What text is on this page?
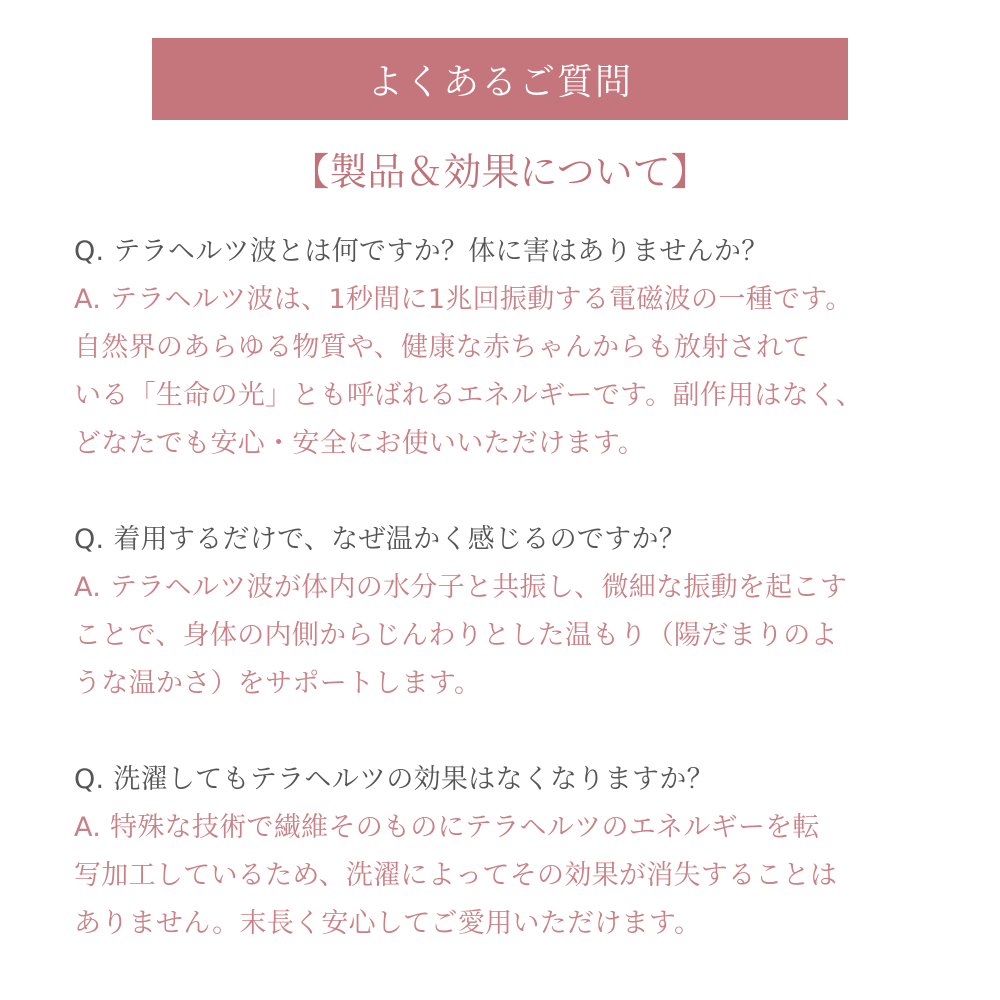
よくあるご質問
【製品＆効果について】
Q. テラヘルツ波とは何ですか？体に害はありませんか？
A. テラヘルツ波は、1秒間に1兆回振動する電磁波の一種です。
自然界のあらゆる物質や、健康な赤ちゃんからも放射されて
いる「生命の光」とも呼ばれるエネルギーです。副作用はなく、
どなたでも安心・安全にお使いいただけます。
Q. 着用するだけで、なぜ温かく感じるのですか？
A. テラヘルツ波が体内の水分子と共振し、微細な振動を起こす
ことで、身体の内側からじんわりとした温もり（陽だまりのよ
うな温かさ）をサポートします。
Q. 洗濯してもテラヘルツの効果はなくなりますか？
A. 特殊な技術で繊維そのものにテラヘルツのエネルギーを転
写加工しているため、洗濯によってその効果が消失することは
ありません。末長く安心してご愛用いただけます。
